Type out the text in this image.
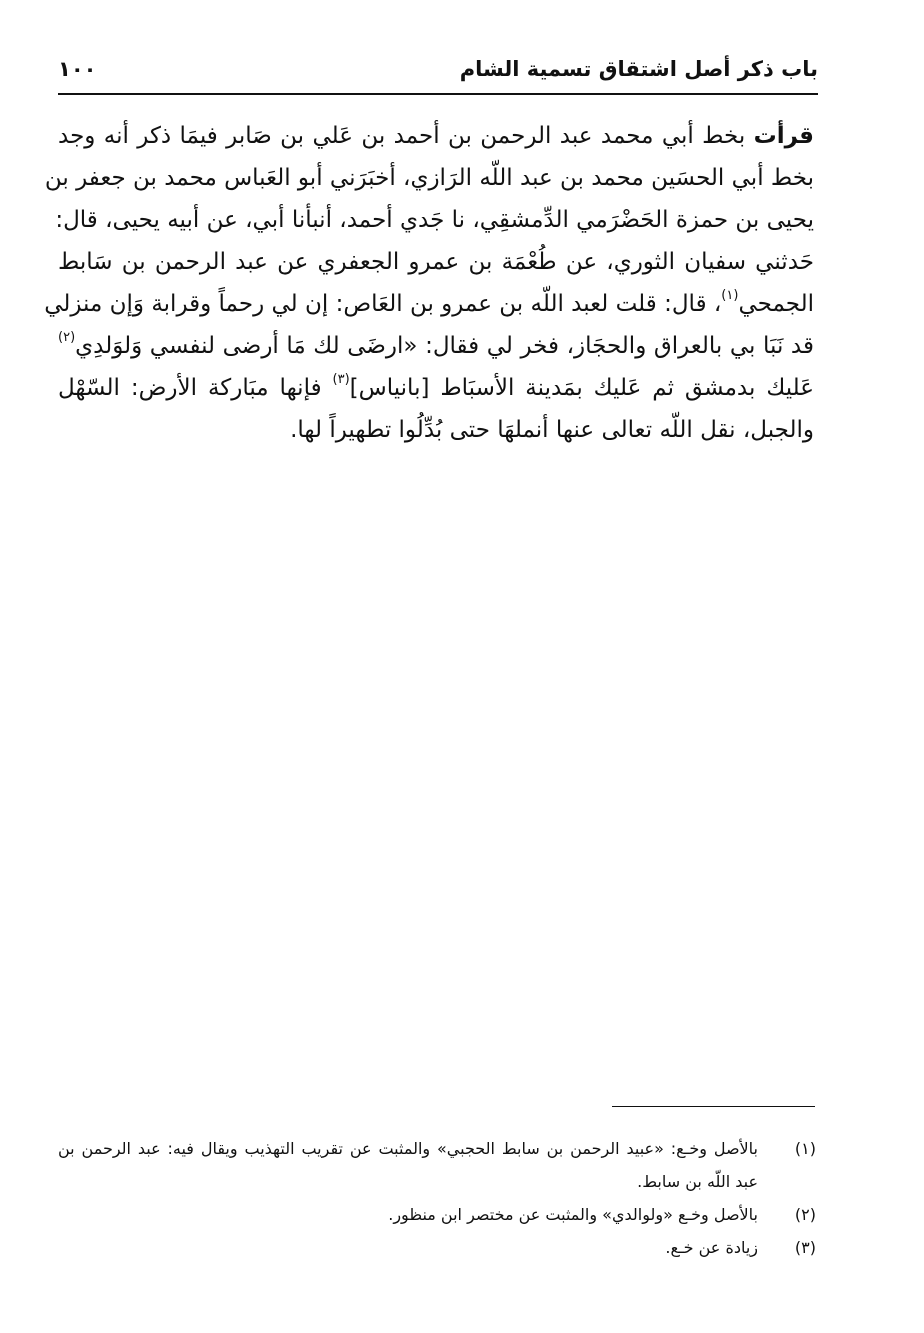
باب ذكر أصل اشتقاق تسمية الشام
١٠٠
قرأت بخط أبي محمد عبد الرحمن بن أحمد بن عَلي بن صَابر فيمَا ذكر أنه وجد
بخط أبي الحسَين محمد بن عبد اللّه الرَازي، أخبَرَني أبو العَباس محمد بن جعفر بن
يحيى بن حمزة الحَضْرَمي الدِّمشقِي، نا جَدي أحمد، أنبأنا أبي، عن أبيه يحيى، قال:
حَدثني سفيان الثوري، عن طُعْمَة بن عمرو الجعفري عن عبد الرحمن بن سَابط
الجمحي$^{(١)}$، قال: قلت لعبد اللّه بن عمرو بن العَاص: إن لي رحماً وقرابة وَإن منزلي
قد نَبَا بي بالعراق والحجَاز، فخر لي فقال: «ارضَى لك مَا أرضى لنفسي وَلوَلدِي$^{(٢)}$
عَليك بدمشق ثم عَليك بمَدينة الأسبَاط [بانياس]$^{(٣)}$ فإنها مبَاركة الأرض: السّهْل
والجبل، نقل اللّه تعالى عنها أنملهَا حتى بُدِّلُوا تطهيراً لها.
(١)
بالأصل وخـع: «عبيد الرحمن بن سابط الحجبي» والمثبت عن تقريب التهذيب ويقال فيه: عبد الرحمن بن عبد اللّه بن سابط.
(٢)
بالأصل وخـع «ولوالدي» والمثبت عن مختصر ابن منظور.
(٣)
زيادة عن خـع.
